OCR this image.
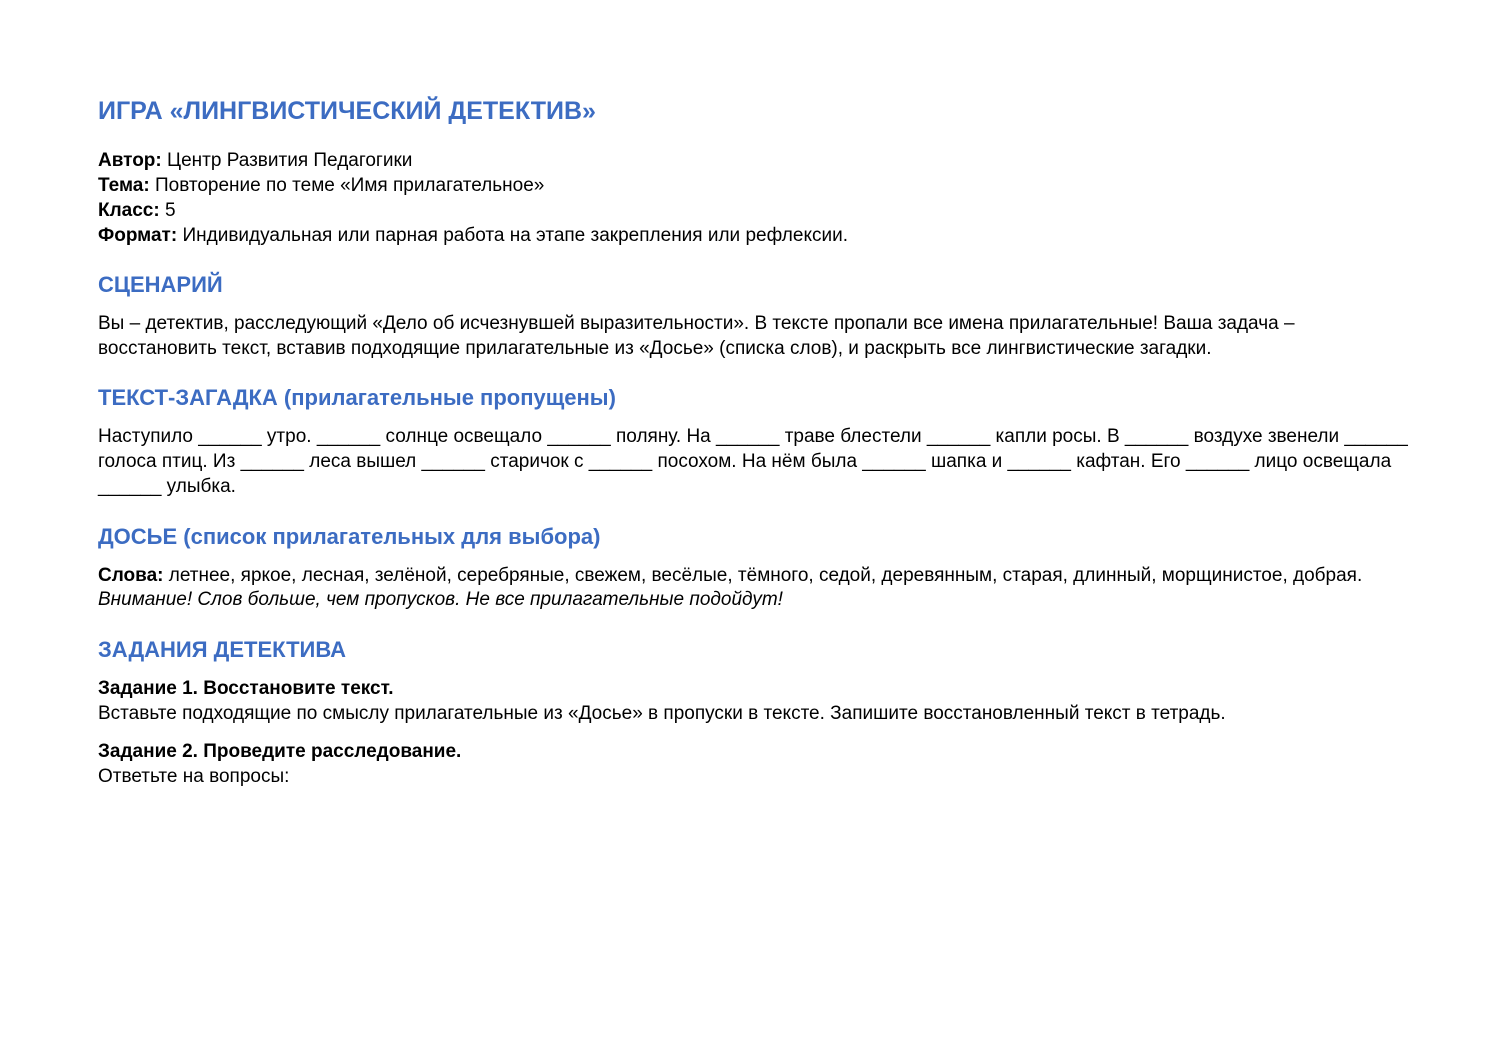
ИГРА «ЛИНГВИСТИЧЕСКИЙ ДЕТЕКТИВ»
Автор: Центр Развития Педагогики
Тема: Повторение по теме «Имя прилагательное»
Класс: 5
Формат: Индивидуальная или парная работа на этапе закрепления или рефлексии.
СЦЕНАРИЙ
Вы – детектив, расследующий «Дело об исчезнувшей выразительности». В тексте пропали все имена прилагательные! Ваша задача – восстановить текст, вставив подходящие прилагательные из «Досье» (списка слов), и раскрыть все лингвистические загадки.
ТЕКСТ-ЗАГАДКА (прилагательные пропущены)
Наступило ______ утро. ______ солнце освещало ______ поляну. На ______ траве блестели ______ капли росы. В ______ воздухе звенели ______ голоса птиц. Из ______ леса вышел ______ старичок с ______ посохом. На нём была ______ шапка и ______ кафтан. Его ______ лицо освещала ______ улыбка.
ДОСЬЕ (список прилагательных для выбора)
Слова: летнее, яркое, лесная, зелёной, серебряные, свежем, весёлые, тёмного, седой, деревянным, старая, длинный, морщинистое, добрая.
Внимание! Слов больше, чем пропусков. Не все прилагательные подойдут!
ЗАДАНИЯ ДЕТЕКТИВА
Задание 1. Восстановите текст.
Вставьте подходящие по смыслу прилагательные из «Досье» в пропуски в тексте. Запишите восстановленный текст в тетрадь.
Задание 2. Проведите расследование.
Ответьте на вопросы:
